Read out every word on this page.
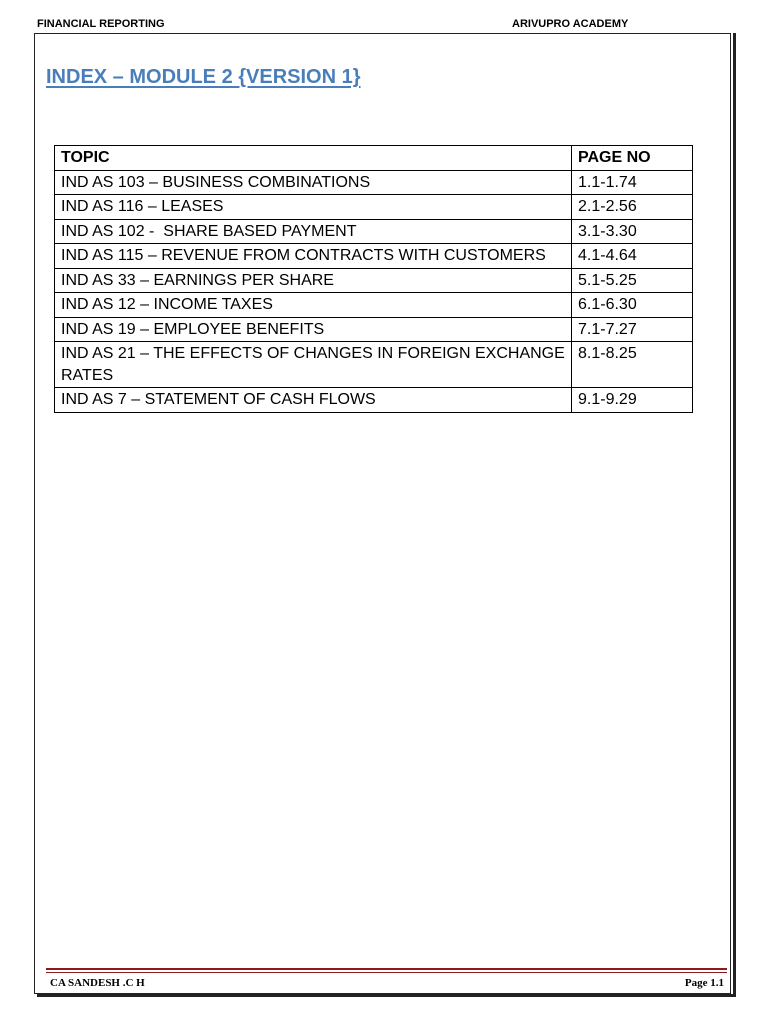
FINANCIAL REPORTING	ARIVUPRO ACADEMY
INDEX – MODULE 2 {VERSION 1}
TOPIC	PAGE NO
IND AS 103 – BUSINESS COMBINATIONS	1.1-1.74
IND AS 116 – LEASES	2.1-2.56
IND AS 102 -  SHARE BASED PAYMENT	3.1-3.30
IND AS 115 – REVENUE FROM CONTRACTS WITH CUSTOMERS	4.1-4.64
IND AS 33 – EARNINGS PER SHARE	5.1-5.25
IND AS 12 – INCOME TAXES	6.1-6.30
IND AS 19 – EMPLOYEE BENEFITS	7.1-7.27
IND AS 21 – THE EFFECTS OF CHANGES IN FOREIGN EXCHANGE RATES	8.1-8.25
IND AS 7 – STATEMENT OF CASH FLOWS	9.1-9.29
CA SANDESH .C H	Page 1.1
